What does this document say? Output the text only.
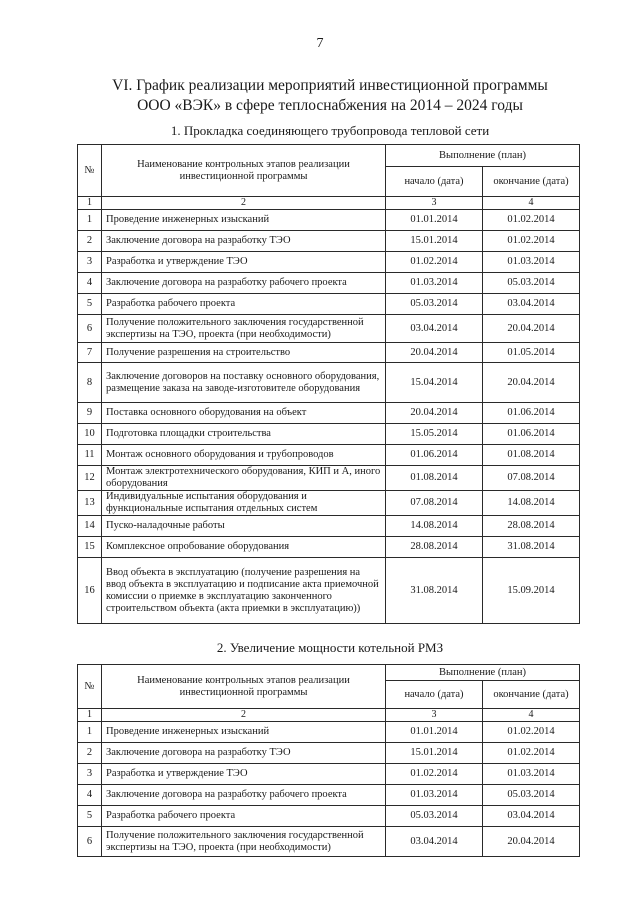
7
VI. График реализации мероприятий инвестиционной программы
ООО «ВЭК» в сфере теплоснабжения на 2014 – 2024 годы
1. Прокладка соединяющего трубопровода тепловой сети
№	Наименование контрольных этапов реализации инвестиционной программы	Выполнение (план)	
		начало (дата)	окончание (дата)
1	2	3	4
1	Проведение инженерных изысканий	01.01.2014	01.02.2014
2	Заключение договора на разработку ТЭО	15.01.2014	01.02.2014
3	Разработка и утверждение ТЭО	01.02.2014	01.03.2014
4	Заключение договора на разработку рабочего проекта	01.03.2014	05.03.2014
5	Разработка рабочего проекта	05.03.2014	03.04.2014
6	Получение положительного заключения государственной экспертизы на ТЭО, проекта (при необходимости)	03.04.2014	20.04.2014
7	Получение разрешения на строительство	20.04.2014	01.05.2014
8	Заключение договоров на поставку основного оборудования, размещение заказа на заводе-изготовителе оборудования	15.04.2014	20.04.2014
9	Поставка основного оборудования на объект	20.04.2014	01.06.2014
10	Подготовка площадки строительства	15.05.2014	01.06.2014
11	Монтаж основного оборудования и трубопроводов	01.06.2014	01.08.2014
12	Монтаж электротехнического оборудования, КИП и А, иного оборудования	01.08.2014	07.08.2014
13	Индивидуальные испытания оборудования и функциональные испытания отдельных систем	07.08.2014	14.08.2014
14	Пуско-наладочные работы	14.08.2014	28.08.2014
15	Комплексное опробование оборудования	28.08.2014	31.08.2014
16	Ввод объекта в эксплуатацию (получение разрешения на ввод объекта в эксплуатацию и подписание акта приемочной комиссии о приемке в эксплуатацию законченного строительством объекта (акта приемки в эксплуатацию))	31.08.2014	15.09.2014
2. Увеличение мощности котельной РМЗ
№	Наименование контрольных этапов реализации инвестиционной программы	Выполнение (план)	
		начало (дата)	окончание (дата)
1	2	3	4
1	Проведение инженерных изысканий	01.01.2014	01.02.2014
2	Заключение договора на разработку ТЭО	15.01.2014	01.02.2014
3	Разработка и утверждение ТЭО	01.02.2014	01.03.2014
4	Заключение договора на разработку рабочего проекта	01.03.2014	05.03.2014
5	Разработка рабочего проекта	05.03.2014	03.04.2014
6	Получение положительного заключения государственной экспертизы на ТЭО, проекта (при необходимости)	03.04.2014	20.04.2014
